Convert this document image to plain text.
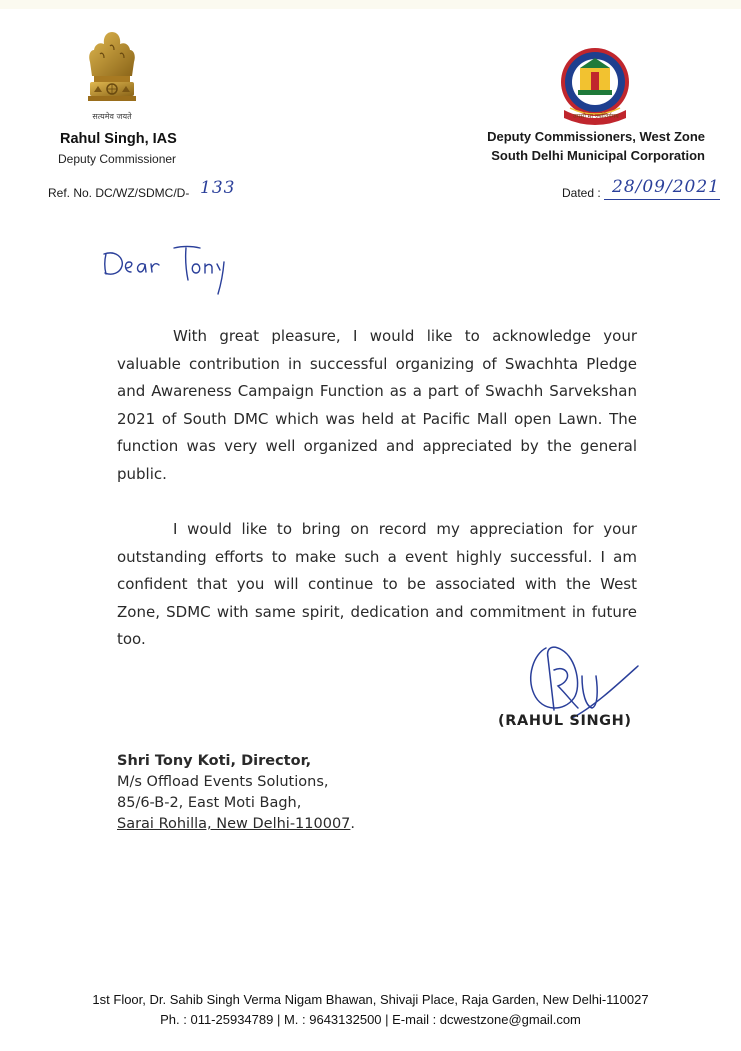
सत्यमेव जयते	तमसो मा ज्योतिर्गमय
Rahul Singh, IAS
Deputy Commissioner
Deputy Commissioners, West Zone
South Delhi Municipal Corporation
Ref. No. DC/WZ/SDMC/D- 133	Dated : 28/09/2021

With great pleasure, I would like to acknowledge your valuable contribution in successful organizing of Swachhta Pledge and Awareness Campaign Function as a part of Swachh Sarvekshan 2021 of South DMC which was held at Pacific Mall open Lawn. The function was very well organized and appreciated by the general public.

I would like to bring on record my appreciation for your outstanding efforts to make such a event highly successful. I am confident that you will continue to be associated with the West Zone, SDMC with same spirit, dedication and commitment in future too.

(RAHUL SINGH)
Shri Tony Koti, Director,
M/s Offload Events Solutions,
85/6-B-2, East Moti Bagh,
Sarai Rohilla, New Delhi-110007.
1st Floor, Dr. Sahib Singh Verma Nigam Bhawan, Shivaji Place, Raja Garden, New Delhi-110027
Ph. : 011-25934789 | M. : 9643132500 | E-mail : dcwestzone@gmail.com
